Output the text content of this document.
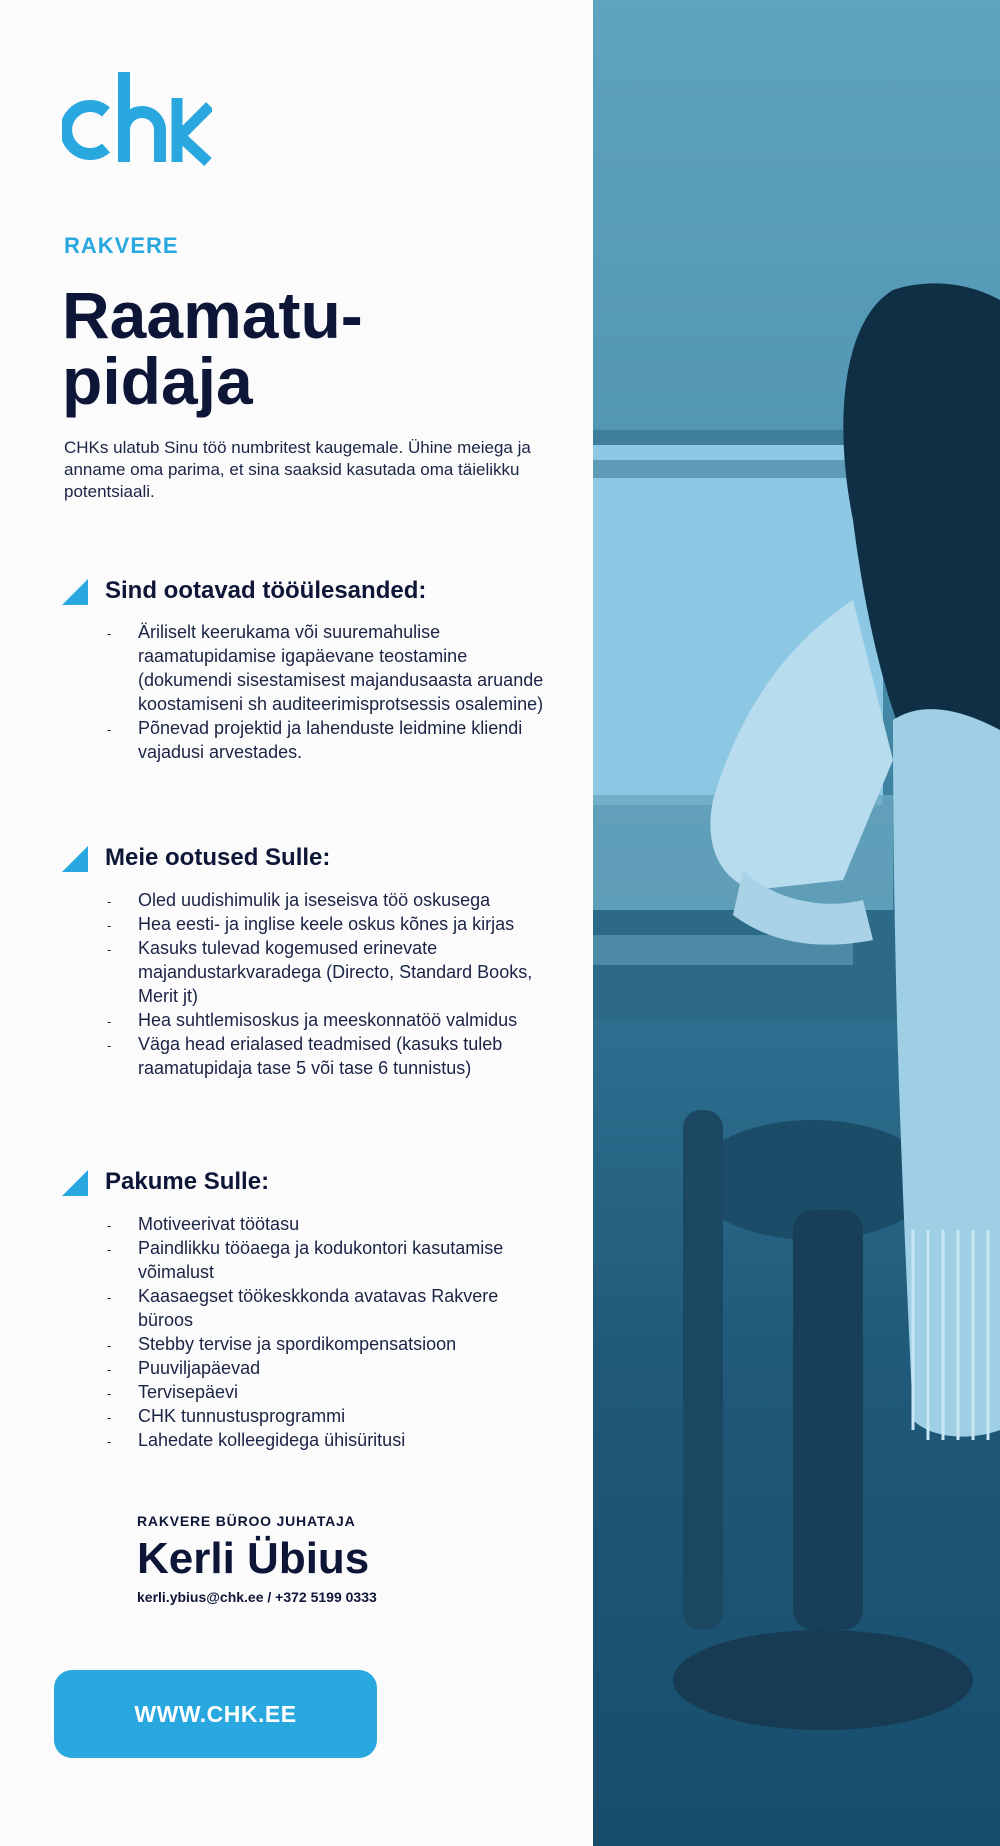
RAKVERE
Raamatu-
pidaja

CHKs ulatub Sinu töö numbritest kaugemale. Ühine meiega ja anname oma parima, et sina saaksid kasutada oma täielikku potentsiaali.

Sind ootavad tööülesanded:
- Äriliselt keerukama või suuremahulise raamatupidamise igapäevane teostamine (dokumendi sisestamisest majandusaasta aruande koostamiseni sh auditeerimisprotsessis osalemine)
- Põnevad projektid ja lahenduste leidmine kliendi vajadusi arvestades.
Meie ootused Sulle:
- Oled uudishimulik ja iseseisva töö oskusega
- Hea eesti- ja inglise keele oskus kõnes ja kirjas
- Kasuks tulevad kogemused erinevate majandustarkvaradega (Directo, Standard Books, Merit jt)
- Hea suhtlemisoskus ja meeskonnatöö valmidus
- Väga head erialased teadmised (kasuks tuleb raamatupidaja tase 5 või tase 6 tunnistus)
Pakume Sulle:
- Motiveerivat töötasu
- Paindlikku tööaega ja kodukontori kasutamise võimalust
- Kaasaegset töökeskkonda avatavas Rakvere büroos
- Stebby tervise ja spordikompensatsioon
- Puuviljapäevad
- Tervisepäevi
- CHK tunnustusprogrammi
- Lahedate kolleegidega ühisüritusi
RAKVERE BÜROO JUHATAJA
Kerli Übius
kerli.ybius@chk.ee / +372 5199 0333
WWW.CHK.EE
